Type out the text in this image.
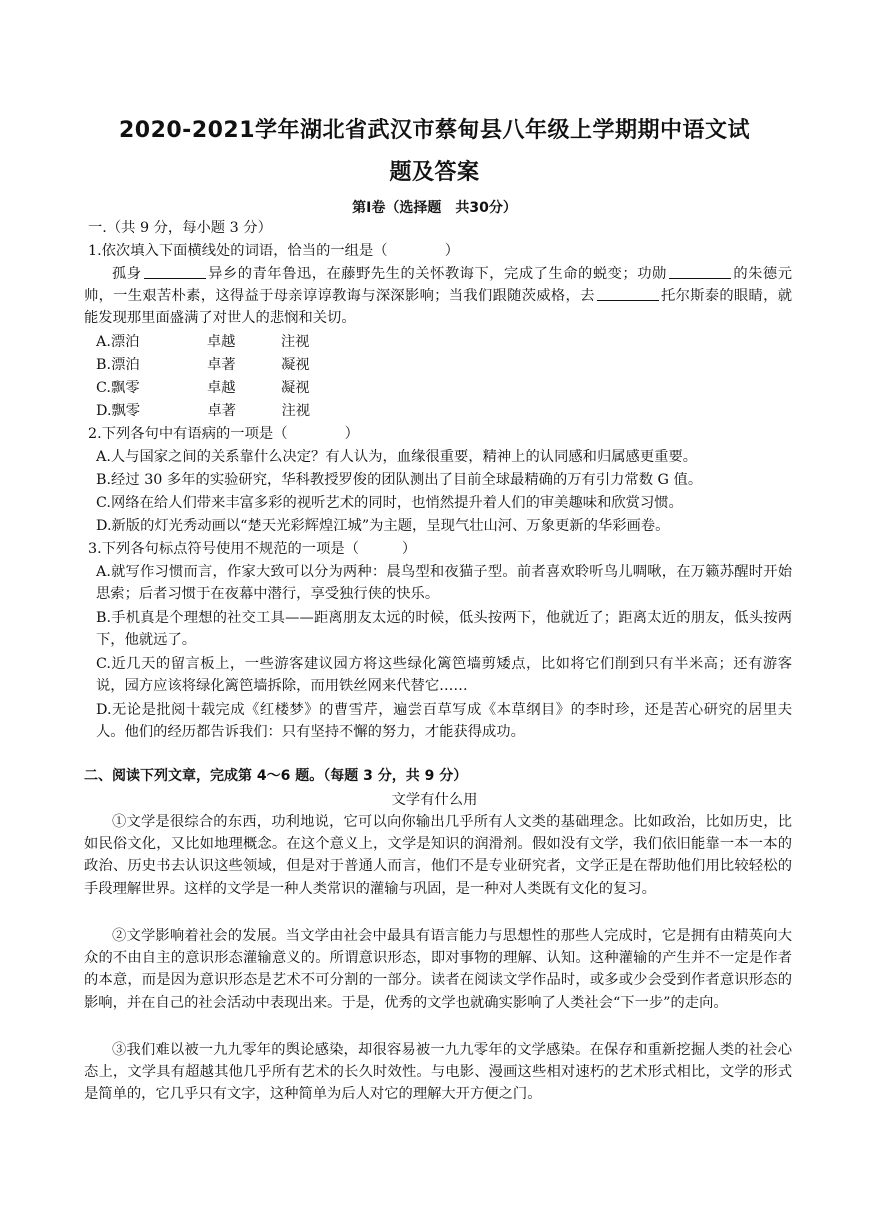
2020-2021学年湖北省武汉市蔡甸县八年级上学期期中语文试
题及答案
第Ⅰ卷（选择题　共30分）
一.（共 9 分，每小题 3 分）
1.依次填入下面横线处的词语，恰当的一组是（　　　　）

孤身	异乡的青年鲁迅，在藤野先生的关怀教诲下，完成了生命的蜕变；功勋	的朱德元帅，一生艰苦朴素，这得益于母亲谆谆教诲与深深影响；当我们跟随茨威格，去	托尔斯泰的眼睛，就能发现那里面盛满了对世人的悲悯和关切。

A.漂泊	卓越	注视
B.漂泊	卓著	凝视
C.飘零	卓越	凝视
D.飘零	卓著	注视
2.下列各句中有语病的一项是（　　　　）

A.人与国家之间的关系靠什么决定？有人认为，血缘很重要，精神上的认同感和归属感更重要。

B.经过 30 多年的实验研究，华科教授罗俊的团队测出了目前全球最精确的万有引力常数 G 值。

C.网络在给人们带来丰富多彩的视听艺术的同时，也悄然提升着人们的审美趣味和欣赏习惯。

D.新版的灯光秀动画以“楚天光彩辉煌江城”为主题，呈现气壮山河、万象更新的华彩画卷。

3.下列各句标点符号使用不规范的一项是（　　　）

A.就写作习惯而言，作家大致可以分为两种：晨鸟型和夜猫子型。前者喜欢聆听鸟儿啁啾，在万籁苏醒时开始思索；后者习惯于在夜幕中潜行，享受独行侠的快乐。

B.手机真是个理想的社交工具——距离朋友太远的时候，低头按两下，他就近了；距离太近的朋友，低头按两下，他就远了。

C.近几天的留言板上，一些游客建议园方将这些绿化篱笆墙剪矮点，比如将它们削到只有半米高；还有游客说，园方应该将绿化篱笆墙拆除，而用铁丝网来代替它……

D.无论是批阅十载完成《红楼梦》的曹雪芹，遍尝百草写成《本草纲目》的李时珍，还是苦心研究的居里夫人。他们的经历都告诉我们：只有坚持不懈的努力，才能获得成功。

二、阅读下列文章，完成第 4～6 题。（每题 3 分，共 9 分）
文学有什么用

①文学是很综合的东西，功利地说，它可以向你输出几乎所有人文类的基础理念。比如政治，比如历史，比如民俗文化，又比如地理概念。在这个意义上，文学是知识的润滑剂。假如没有文学，我们依旧能靠一本一本的政治、历史书去认识这些领域，但是对于普通人而言，他们不是专业研究者，文学正是在帮助他们用比较轻松的手段理解世界。这样的文学是一种人类常识的灌输与巩固，是一种对人类既有文化的复习。

②文学影响着社会的发展。当文学由社会中最具有语言能力与思想性的那些人完成时，它是拥有由精英向大众的不由自主的意识形态灌输意义的。所谓意识形态，即对事物的理解、认知。这种灌输的产生并不一定是作者的本意，而是因为意识形态是艺术不可分割的一部分。读者在阅读文学作品时，或多或少会受到作者意识形态的影响，并在自己的社会活动中表现出来。于是，优秀的文学也就确实影响了人类社会“下一步”的走向。

③我们难以被一九九零年的舆论感染，却很容易被一九九零年的文学感染。在保存和重新挖掘人类的社会心态上，文学具有超越其他几乎所有艺术的长久时效性。与电影、漫画这些相对速朽的艺术形式相比，文学的形式是简单的，它几乎只有文字，这种简单为后人对它的理解大开方便之门。
